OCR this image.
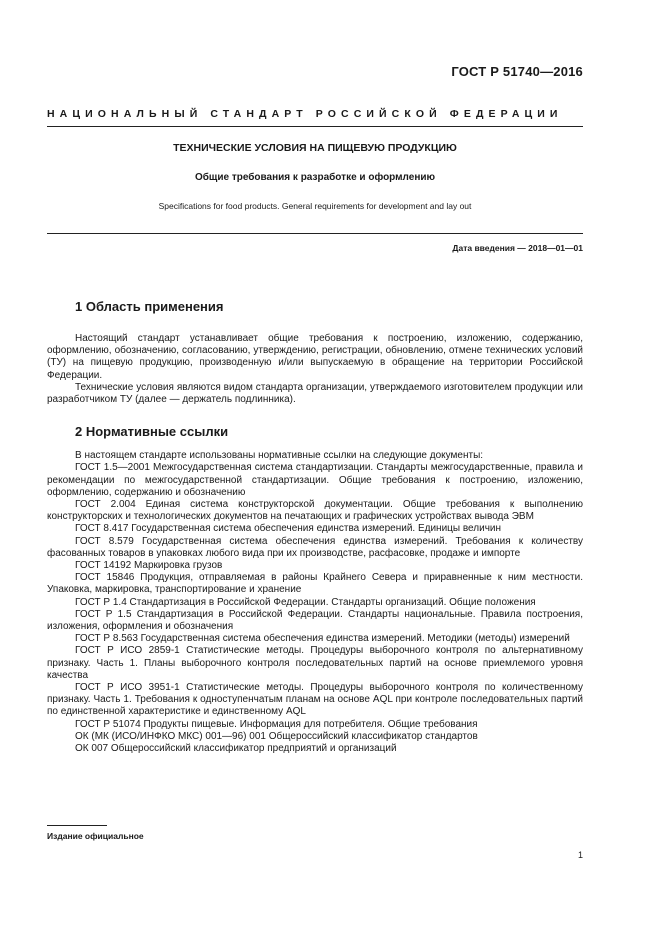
ГОСТ Р 51740—2016
НАЦИОНАЛЬНЫЙ СТАНДАРТ РОССИЙСКОЙ ФЕДЕРАЦИИ
ТЕХНИЧЕСКИЕ УСЛОВИЯ НА ПИЩЕВУЮ ПРОДУКЦИЮ
Общие требования к разработке и оформлению
Specifications for food products. General requirements for development and lay out
Дата введения — 2018—01—01
1 Область применения

Настоящий стандарт устанавливает общие требования к построению, изложению, содержанию, оформлению, обозначению, согласованию, утверждению, регистрации, обновлению, отмене технических условий (ТУ) на пищевую продукцию, производенную и/или выпускаемую в обращение на территории Российской Федерации.

Технические условия являются видом стандарта организации, утверждаемого изготовителем продукции или разработчиком ТУ (далее — держатель подлинника).

2 Нормативные ссылки

В настоящем стандарте использованы нормативные ссылки на следующие документы:

ГОСТ 1.5—2001 Межгосударственная система стандартизации. Стандарты межгосударственные, правила и рекомендации по межгосударственной стандартизации. Общие требования к построению, изложению, оформлению, содержанию и обозначению

ГОСТ 2.004 Единая система конструкторской документации. Общие требования к выполнению конструкторских и технологических документов на печатающих и графических устройствах вывода ЭВМ

ГОСТ 8.417 Государственная система обеспечения единства измерений. Единицы величин

ГОСТ 8.579 Государственная система обеспечения единства измерений. Требования к количеству фасованных товаров в упаковках любого вида при их производстве, расфасовке, продаже и импорте

ГОСТ 14192 Маркировка грузов

ГОСТ 15846 Продукция, отправляемая в районы Крайнего Севера и приравненные к ним местности. Упаковка, маркировка, транспортирование и хранение

ГОСТ Р 1.4 Стандартизация в Российской Федерации. Стандарты организаций. Общие положения

ГОСТ Р 1.5 Стандартизация в Российской Федерации. Стандарты национальные. Правила построения, изложения, оформления и обозначения

ГОСТ Р 8.563 Государственная система обеспечения единства измерений. Методики (методы) измерений

ГОСТ Р ИСО 2859-1 Статистические методы. Процедуры выборочного контроля по альтернативному признаку. Часть 1. Планы выборочного контроля последовательных партий на основе приемлемого уровня качества

ГОСТ Р ИСО 3951-1 Статистические методы. Процедуры выборочного контроля по количественному признаку. Часть 1. Требования к одноступенчатым планам на основе AQL при контроле последовательных партий по единственной характеристике и единственному AQL

ГОСТ Р 51074 Продукты пищевые. Информация для потребителя. Общие требования

ОК (МК (ИСО/ИНФКО МКС) 001—96) 001 Общероссийский классификатор стандартов

ОК 007 Общероссийский классификатор предприятий и организаций

Издание официальное
1
